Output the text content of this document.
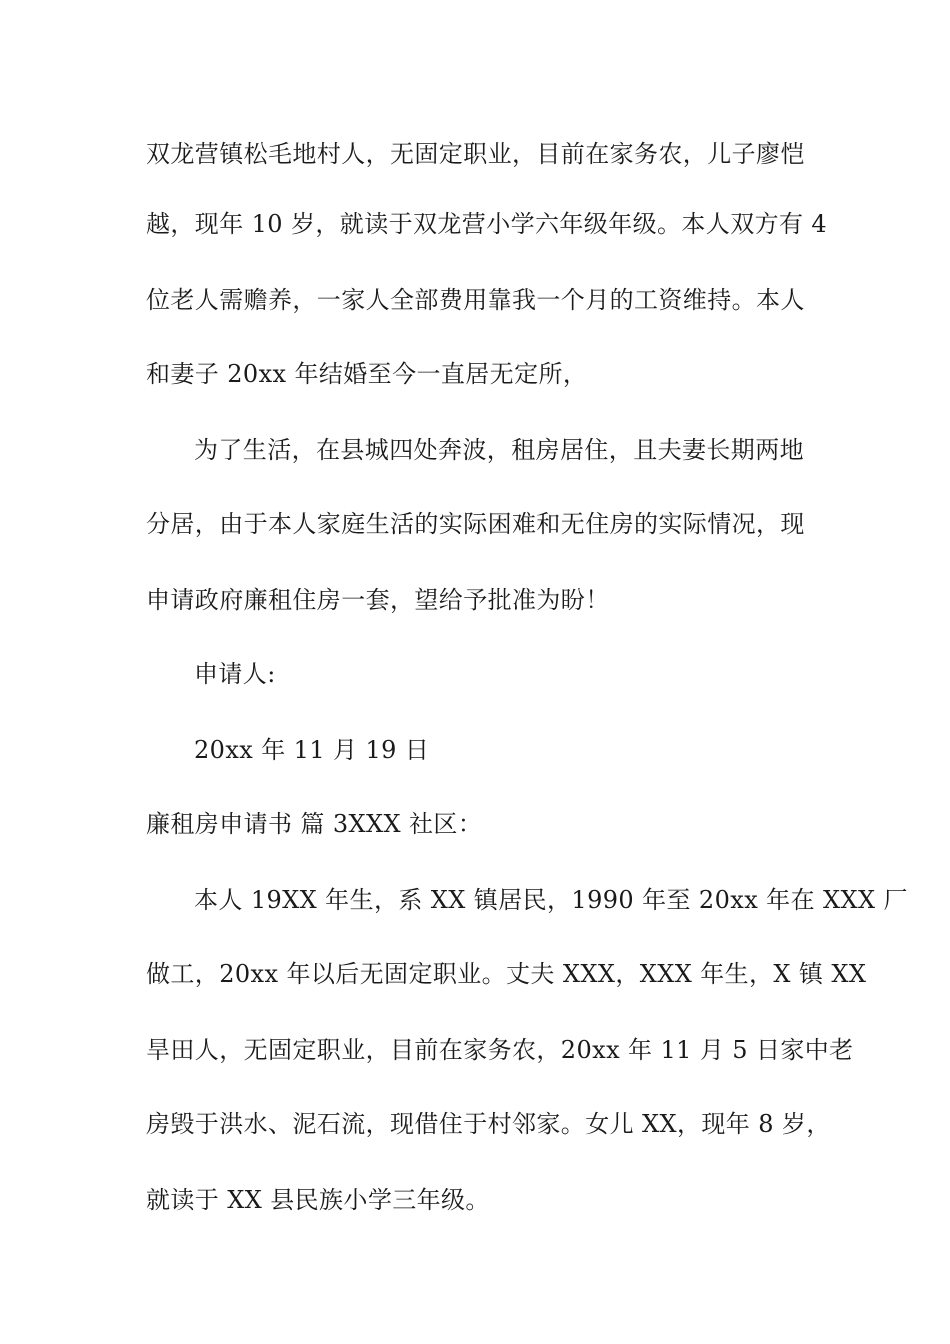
双龙营镇松毛地村人，无固定职业，目前在家务农，儿子廖恺
越，现年 10 岁，就读于双龙营小学六年级年级。本人双方有 4
位老人需赡养，一家人全部费用靠我一个月的工资维持。本人
和妻子 20xx 年结婚至今一直居无定所，
为了生活，在县城四处奔波，租房居住，且夫妻长期两地
分居，由于本人家庭生活的实际困难和无住房的实际情况，现
申请政府廉租住房一套，望给予批准为盼！
申请人:
20xx 年 11 月 19 日
廉租房申请书 篇 3XXX 社区：
本人 19XX 年生，系 XX 镇居民，1990 年至 20xx 年在 XXX 厂
做工，20xx 年以后无固定职业。丈夫 XXX，XXX 年生，X 镇 XX
旱田人，无固定职业，目前在家务农，20xx 年 11 月 5 日家中老
房毁于洪水、泥石流，现借住于村邻家。女儿 XX，现年 8 岁，
就读于 XX 县民族小学三年级。
